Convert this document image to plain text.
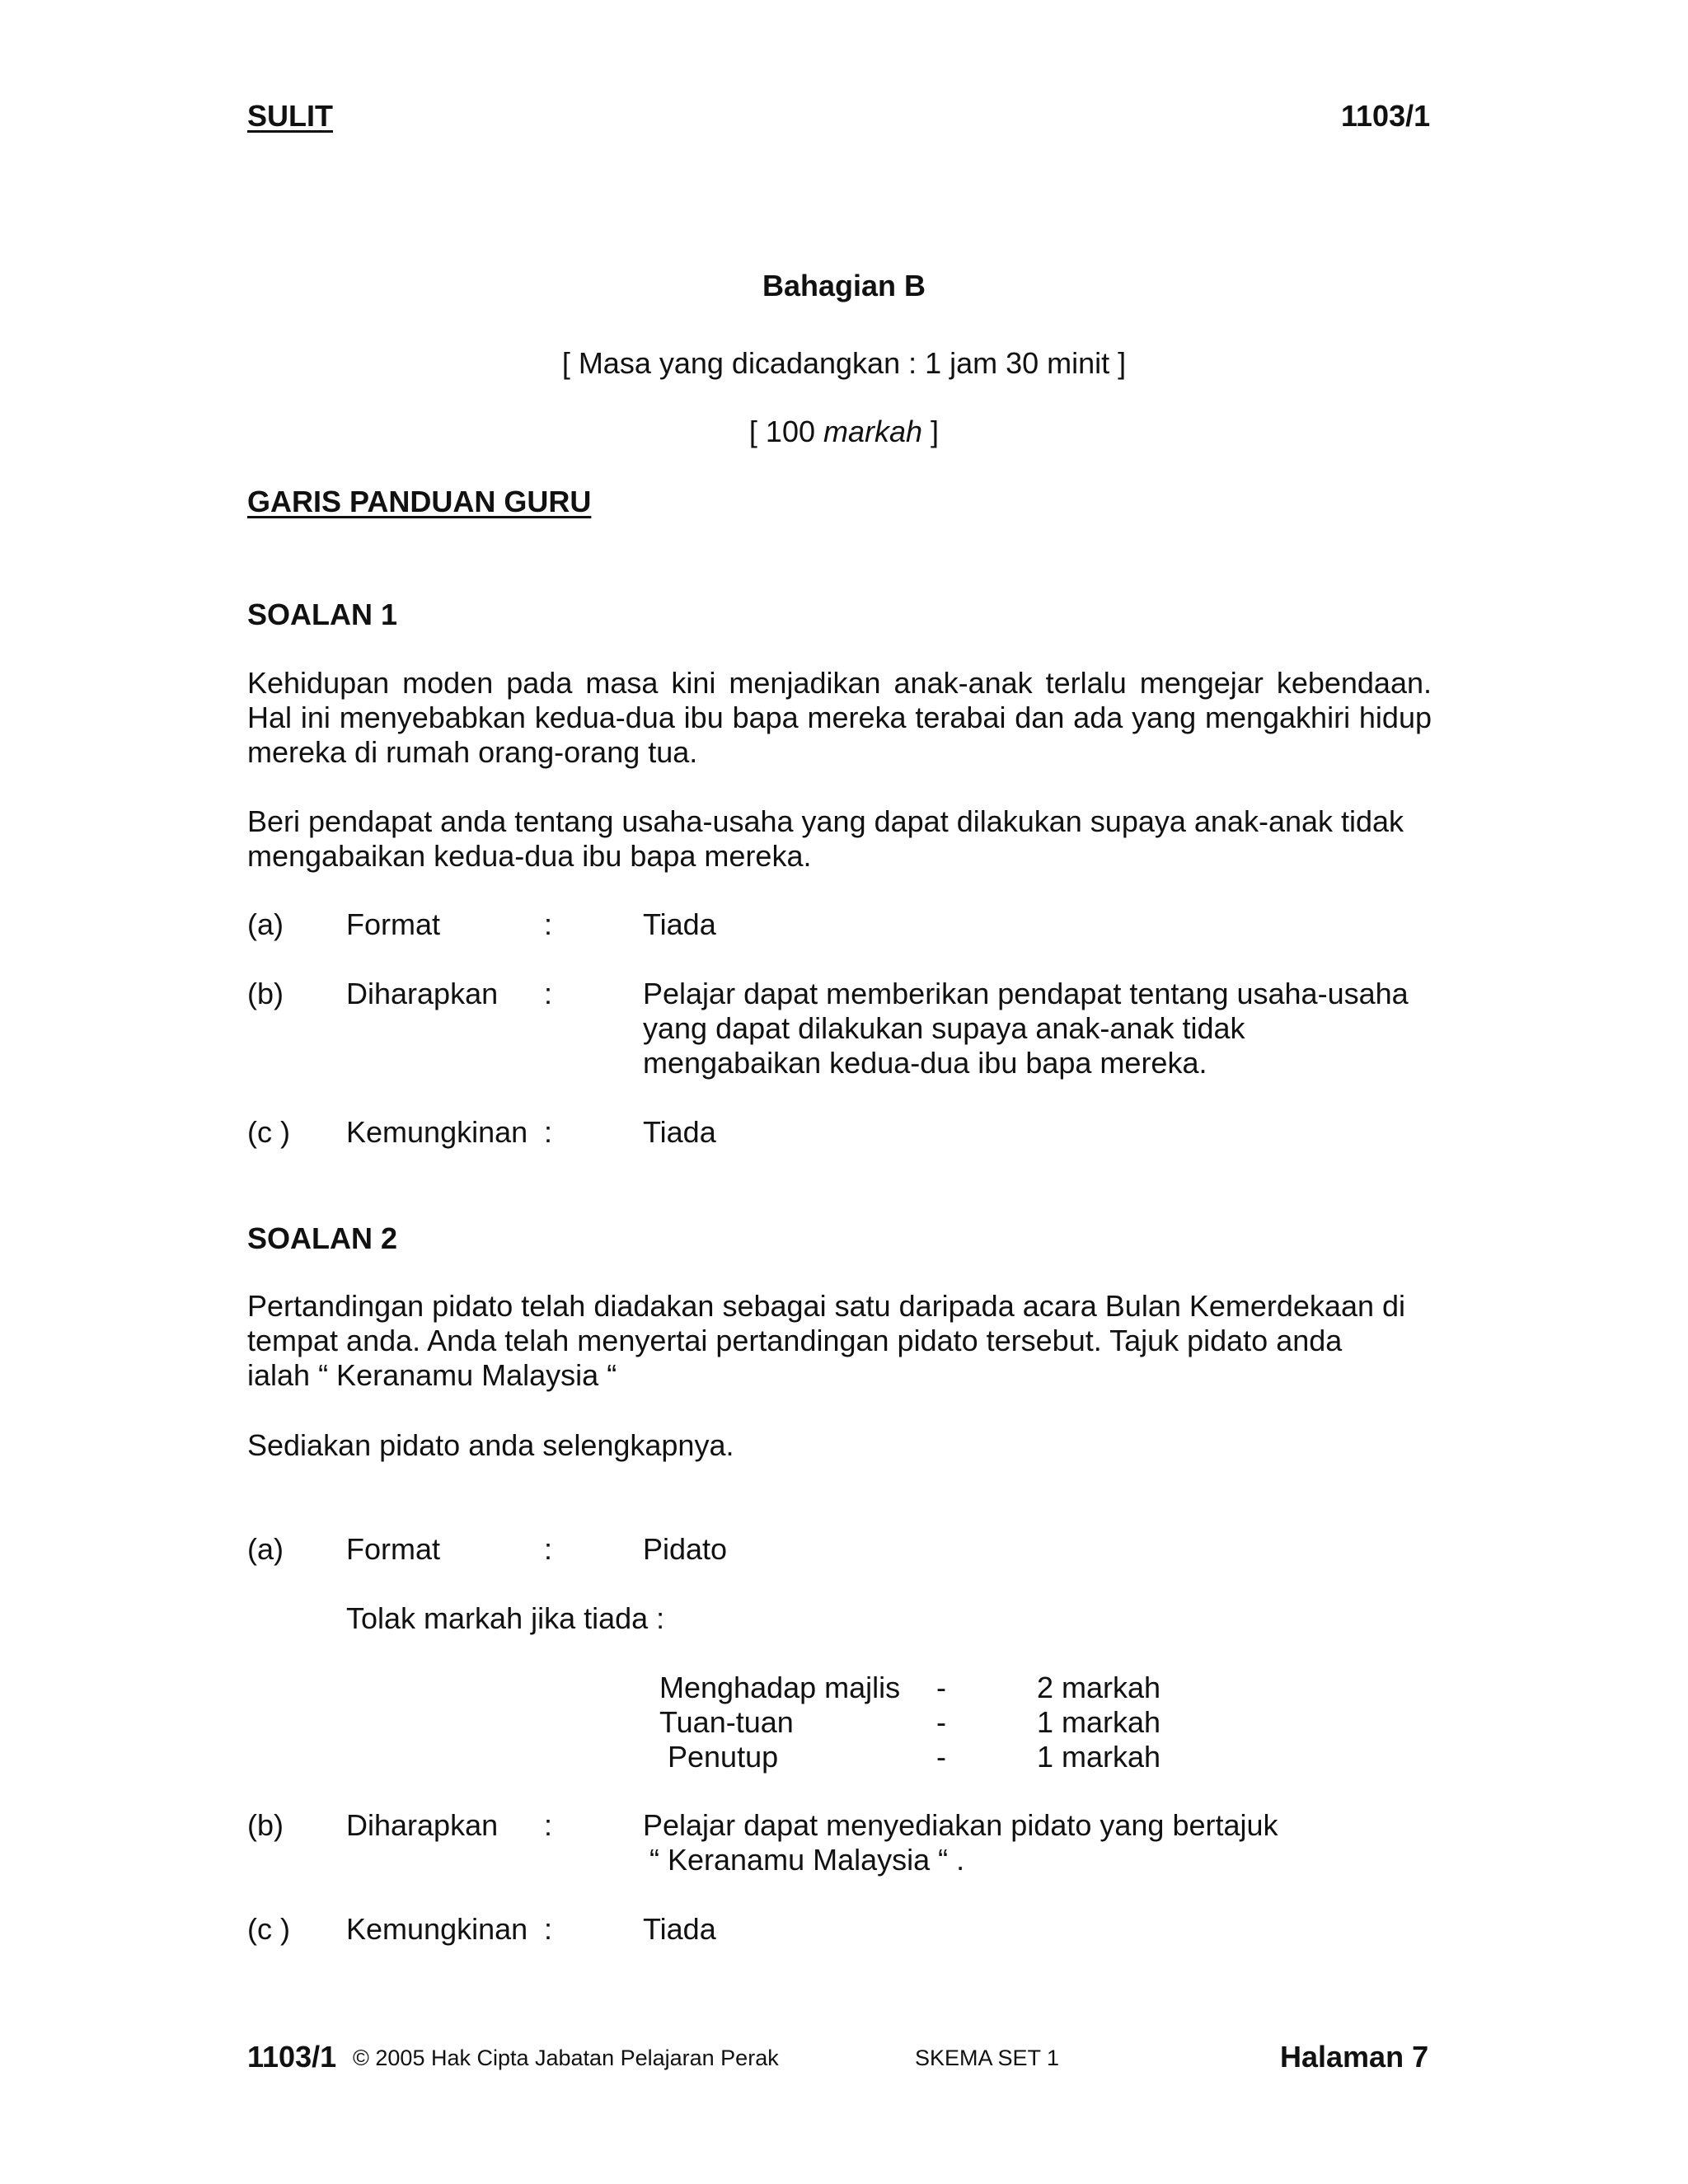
SULIT	1103/1
Bahagian B
[ Masa yang dicadangkan : 1 jam 30 minit ]
[ 100 markah ]
GARIS PANDUAN GURU
SOALAN 1
Kehidupan moden pada masa kini menjadikan anak-anak terlalu mengejar kebendaan. Hal ini menyebabkan kedua-dua ibu bapa mereka terabai dan ada yang mengakhiri hidup mereka di rumah orang-orang tua.
Beri pendapat anda tentang usaha-usaha yang dapat dilakukan supaya anak-anak tidak mengabaikan kedua-dua ibu bapa mereka.
(a) Format	:	Tiada
(b) Diharapkan :	Pelajar dapat memberikan pendapat tentang usaha-usaha
yang dapat dilakukan supaya anak-anak tidak
mengabaikan kedua-dua ibu bapa mereka.
(c ) Kemungkinan :	Tiada
SOALAN 2
Pertandingan pidato telah diadakan sebagai satu daripada acara Bulan Kemerdekaan di
tempat anda. Anda telah menyertai pertandingan pidato tersebut. Tajuk pidato anda
ialah “ Keranamu Malaysia “
Sediakan pidato anda selengkapnya.
(a) Format	:	Pidato
Tolak markah jika tiada :
Menghadap majlis -	2 markah
Tuan-tuan	-	1 markah
Penutup	-	1 markah
(b) Diharapkan :	Pelajar dapat menyediakan pidato yang bertajuk
“ Keranamu Malaysia “ .
(c ) Kemungkinan :	Tiada
1103/1 © 2005 Hak Cipta Jabatan Pelajaran Perak	SKEMA SET 1	Halaman 7
